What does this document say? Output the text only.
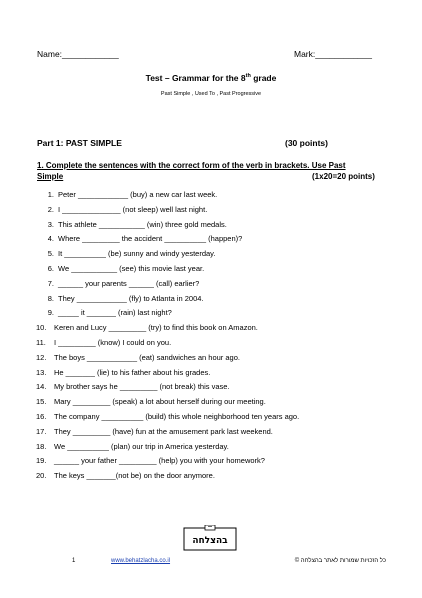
Name:____________	Mark:____________
Test – Grammar for the 8th grade
Past Simple , Used To , Past Progressive
Part 1: PAST SIMPLE	(30 points)
1. Complete the sentences with the correct form of the verb in brackets. Use Past
Simple	(1x20=20 points)
1. Peter ____________ (buy) a new car last week.
2. I ______________ (not sleep) well last night.
3. This athlete ___________ (win) three gold medals.
4. Where _________ the accident __________ (happen)?
5. It __________ (be) sunny and windy yesterday.
6. We ___________ (see) this movie last year.
7. ______ your parents ______ (call) earlier?
8. They ____________ (fly) to Atlanta in 2004.
9. _____ it _______ (rain) last night?
10. Keren and Lucy _________ (try) to find this book on Amazon.
11. I _________ (know) I could on you.
12. The boys ____________ (eat) sandwiches an hour ago.
13. He _______ (lie) to his father about his grades.
14. My brother says he _________ (not break) this vase.
15. Mary _________ (speak) a lot about herself during our meeting.
16. The company __________ (build) this whole neighborhood ten years ago.
17. They _________ (have) fun at the amusement park last weekend.
18. We __________ (plan) our trip in America yesterday.
19. ______ your father _________ (help) you with your homework?
20. The keys _______(not be) on the door anymore.
בהצלחה
1	www.behatzlacha.co.il	כל הזכויות שמורות לאתר בהצלחה ©
